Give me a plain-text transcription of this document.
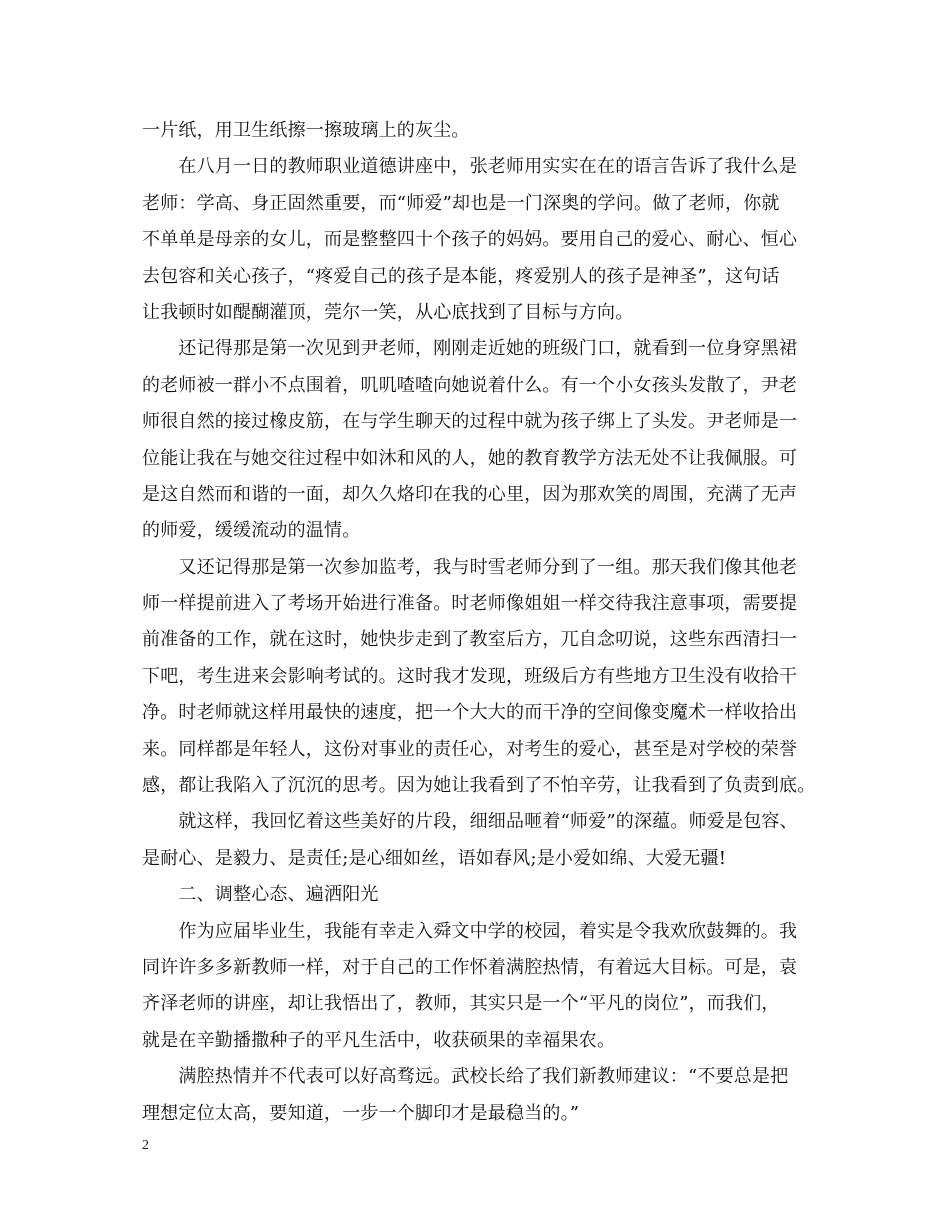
一片纸，用卫生纸擦一擦玻璃上的灰尘。
　　在八月一日的教师职业道德讲座中，张老师用实实在在的语言告诉了我什么是
老师：学高、身正固然重要，而“师爱”却也是一门深奥的学问。做了老师，你就
不单单是母亲的女儿，而是整整四十个孩子的妈妈。要用自己的爱心、耐心、恒心
去包容和关心孩子，“疼爱自己的孩子是本能，疼爱别人的孩子是神圣”，这句话
让我顿时如醍醐灌顶，莞尔一笑，从心底找到了目标与方向。
　　还记得那是第一次见到尹老师，刚刚走近她的班级门口，就看到一位身穿黑裙
的老师被一群小不点围着，叽叽喳喳向她说着什么。有一个小女孩头发散了，尹老
师很自然的接过橡皮筋，在与学生聊天的过程中就为孩子绑上了头发。尹老师是一
位能让我在与她交往过程中如沐和风的人，她的教育教学方法无处不让我佩服。可
是这自然而和谐的一面，却久久烙印在我的心里，因为那欢笑的周围，充满了无声
的师爱，缓缓流动的温情。
　　又还记得那是第一次参加监考，我与时雪老师分到了一组。那天我们像其他老
师一样提前进入了考场开始进行准备。时老师像姐姐一样交待我注意事项，需要提
前准备的工作，就在这时，她快步走到了教室后方，兀自念叨说，这些东西清扫一
下吧，考生进来会影响考试的。这时我才发现，班级后方有些地方卫生没有收拾干
净。时老师就这样用最快的速度，把一个大大的而干净的空间像变魔术一样收拾出
来。同样都是年轻人，这份对事业的责任心，对考生的爱心，甚至是对学校的荣誉
感，都让我陷入了沉沉的思考。因为她让我看到了不怕辛劳，让我看到了负责到底。
　　就这样，我回忆着这些美好的片段，细细品咂着“师爱”的深蕴。师爱是包容、
是耐心、是毅力、是责任;是心细如丝，语如春风;是小爱如绵、大爱无疆!
　　二、调整心态、遍洒阳光
　　作为应届毕业生，我能有幸走入舜文中学的校园，着实是令我欢欣鼓舞的。我
同许许多多新教师一样，对于自己的工作怀着满腔热情，有着远大目标。可是，袁
齐泽老师的讲座，却让我悟出了，教师，其实只是一个“平凡的岗位”，而我们，
就是在辛勤播撒种子的平凡生活中，收获硕果的幸福果农。
　　满腔热情并不代表可以好高骛远。武校长给了我们新教师建议：“不要总是把
理想定位太高，要知道，一步一个脚印才是最稳当的。”
2
